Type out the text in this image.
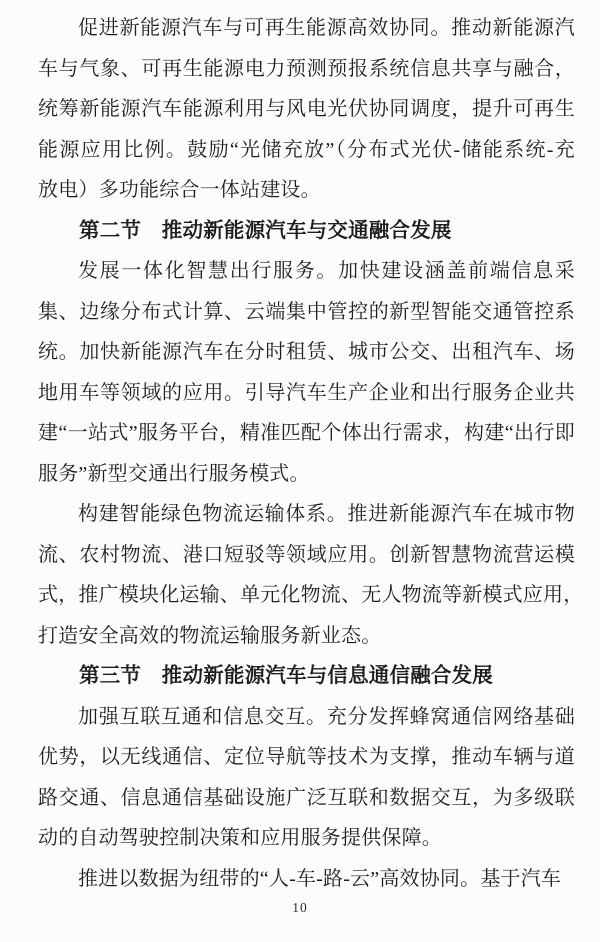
促进新能源汽车与可再生能源高效协同。推动新能源汽

车与气象、可再生能源电力预测预报系统信息共享与融合，

统筹新能源汽车能源利用与风电光伏协同调度，提升可再生

能源应用比例。鼓励“光储充放”（分布式光伏-储能系统-充

放电）多功能综合一体站建设。

第二节　推动新能源汽车与交通融合发展

发展一体化智慧出行服务。加快建设涵盖前端信息采

集、边缘分布式计算、云端集中管控的新型智能交通管控系

统。加快新能源汽车在分时租赁、城市公交、出租汽车、场

地用车等领域的应用。引导汽车生产企业和出行服务企业共

建“一站式”服务平台，精准匹配个体出行需求，构建“出行即

服务”新型交通出行服务模式。

构建智能绿色物流运输体系。推进新能源汽车在城市物

流、农村物流、港口短驳等领域应用。创新智慧物流营运模

式，推广模块化运输、单元化物流、无人物流等新模式应用，

打造安全高效的物流运输服务新业态。

第三节　推动新能源汽车与信息通信融合发展

加强互联互通和信息交互。充分发挥蜂窝通信网络基础

优势，以无线通信、定位导航等技术为支撑，推动车辆与道

路交通、信息通信基础设施广泛互联和数据交互，为多级联

动的自动驾驶控制决策和应用服务提供保障。

推进以数据为纽带的“人-车-路-云”高效协同。基于汽车

10
